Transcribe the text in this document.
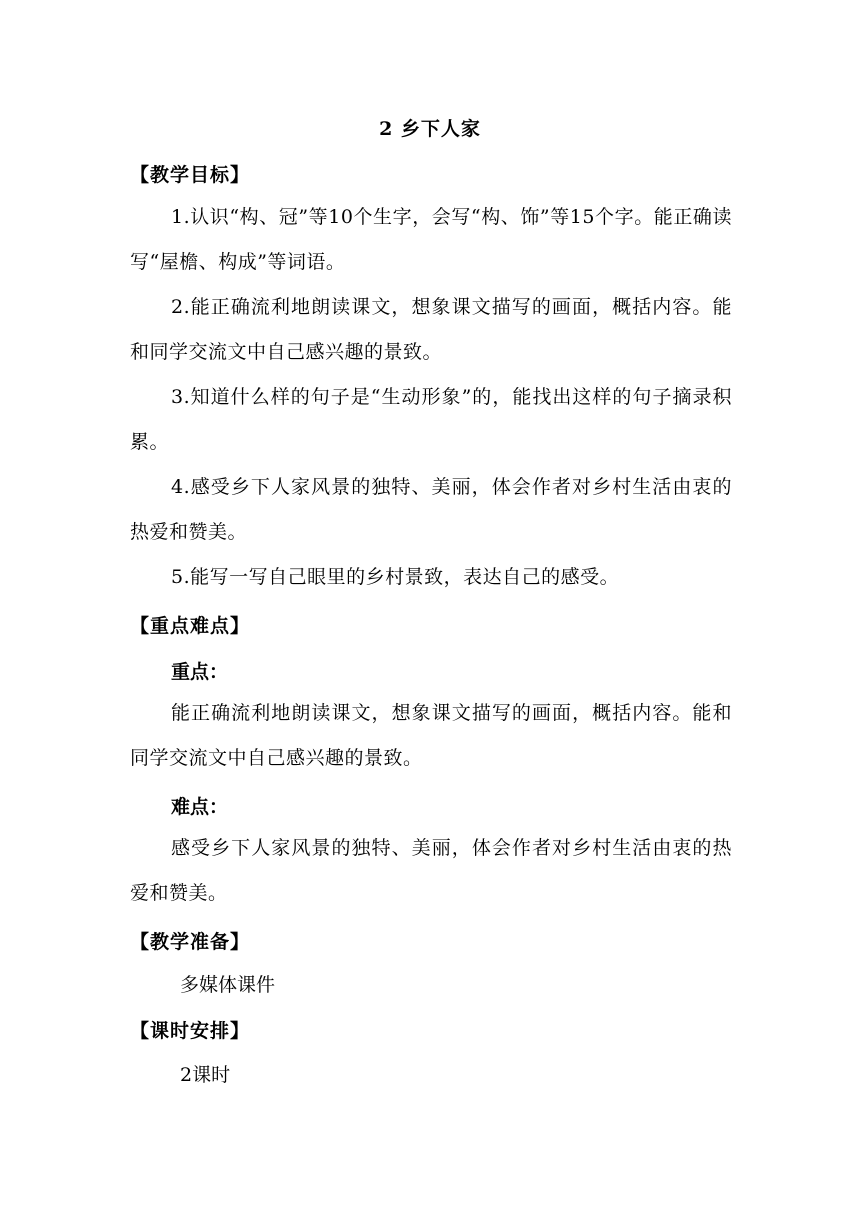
2 乡下人家
【教学目标】
1.认识“构、冠”等10个生字，会写“构、饰”等15个字。能正确读写“屋檐、构成”等词语。
2.能正确流利地朗读课文，想象课文描写的画面，概括内容。能和同学交流文中自己感兴趣的景致。
3.知道什么样的句子是“生动形象”的，能找出这样的句子摘录积累。
4.感受乡下人家风景的独特、美丽，体会作者对乡村生活由衷的热爱和赞美。
5.能写一写自己眼里的乡村景致，表达自己的感受。
【重点难点】
重点：
能正确流利地朗读课文，想象课文描写的画面，概括内容。能和同学交流文中自己感兴趣的景致。
难点：
感受乡下人家风景的独特、美丽，体会作者对乡村生活由衷的热爱和赞美。
【教学准备】
多媒体课件
【课时安排】
2课时
